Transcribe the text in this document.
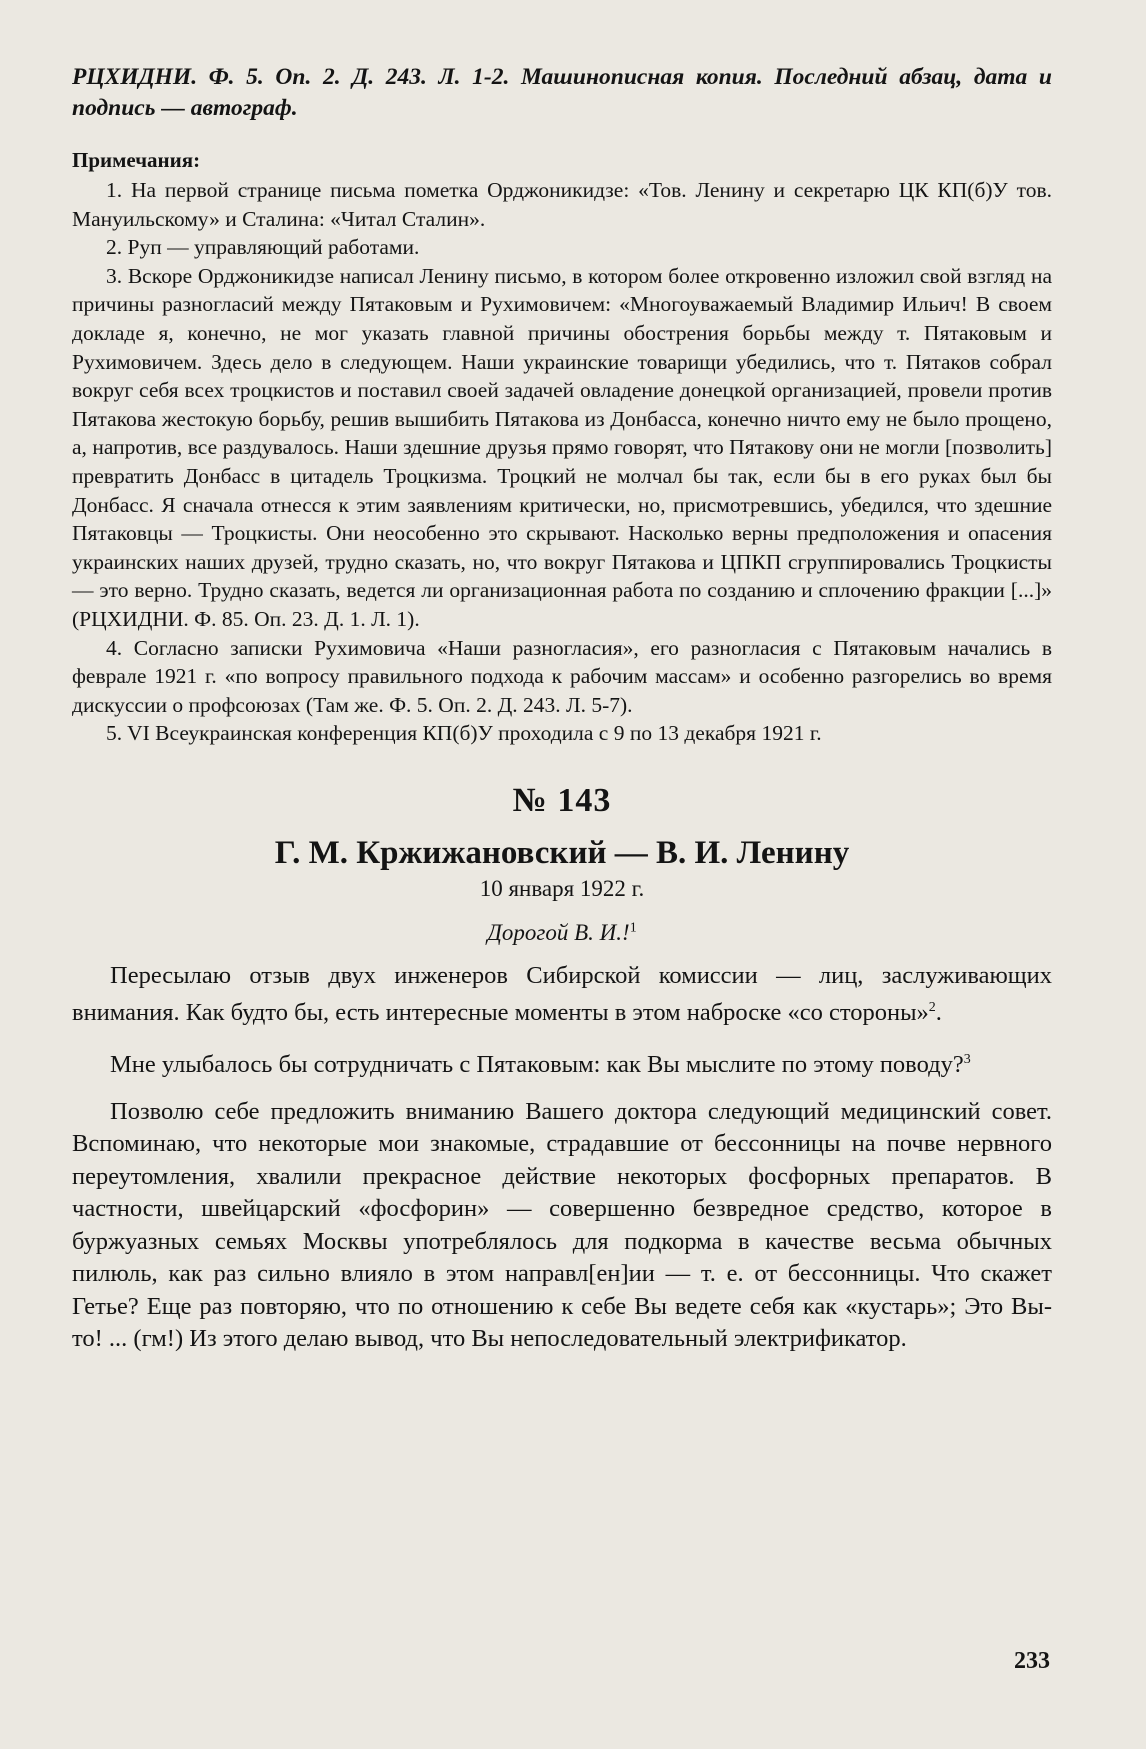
РЦХИДНИ. Ф. 5. Оп. 2. Д. 243. Л. 1-2. Машинописная копия. Последний абзац, дата и подпись — автограф.

Примечания:

1. На первой странице письма пометка Орджоникидзе: «Тов. Ленину и секретарю ЦК КП(б)У тов. Мануильскому» и Сталина: «Читал Сталин».

2. Руп — управляющий работами.

3. Вскоре Орджоникидзе написал Ленину письмо, в котором более откровенно изложил свой взгляд на причины разногласий между Пятаковым и Рухимовичем: «Многоуважаемый Владимир Ильич! В своем докладе я, конечно, не мог указать главной причины обострения борьбы между т. Пятаковым и Рухимовичем. Здесь дело в следующем. Наши украинские товарищи убедились, что т. Пятаков собрал вокруг себя всех троцкистов и поставил своей задачей овладение донецкой организацией, провели против Пятакова жестокую борьбу, решив вышибить Пятакова из Донбасса, конечно ничто ему не было прощено, а, напротив, все раздувалось. Наши здешние друзья прямо говорят, что Пятакову они не могли [позволить] превратить Донбасс в цитадель Троцкизма. Троцкий не молчал бы так, если бы в его руках был бы Донбасс. Я сначала отнесся к этим заявлениям критически, но, присмотревшись, убедился, что здешние Пятаковцы — Троцкисты. Они неособенно это скрывают. Насколько верны предположения и опасения украинских наших друзей, трудно сказать, но, что вокруг Пятакова и ЦПКП сгруппировались Троцкисты — это верно. Трудно сказать, ведется ли организационная работа по созданию и сплочению фракции [...]» (РЦХИДНИ. Ф. 85. Оп. 23. Д. 1. Л. 1).

4. Согласно записки Рухимовича «Наши разногласия», его разногласия с Пятаковым начались в феврале 1921 г. «по вопросу правильного подхода к рабочим массам» и особенно разгорелись во время дискуссии о профсоюзах (Там же. Ф. 5. Оп. 2. Д. 243. Л. 5-7).

5. VI Всеукраинская конференция КП(б)У проходила с 9 по 13 декабря 1921 г.

№ 143

Г. М. Кржижановский — В. И. Ленину

10 января 1922 г.

Дорогой В. И.!$^1$

Пересылаю отзыв двух инженеров Сибирской комиссии — лиц, заслуживающих внимания. Как будто бы, есть интересные моменты в этом наброске «со стороны»$^2$.

Мне улыбалось бы сотрудничать с Пятаковым: как Вы мыслите по этому поводу?$^3$

Позволю себе предложить вниманию Вашего доктора следующий медицинский совет. Вспоминаю, что некоторые мои знакомые, страдавшие от бессонницы на почве нервного переутомления, хвалили прекрасное действие некоторых фосфорных препаратов. В частности, швейцарский «фосфорин» — совершенно безвредное средство, которое в буржуазных семьях Москвы употреблялось для подкорма в качестве весьма обычных пилюль, как раз сильно влияло в этом направл[ен]ии — т. е. от бессонницы. Что скажет Гетье? Еще раз повторяю, что по отношению к себе Вы ведете себя как «кустарь»; Это Вы-то! ... (гм!) Из этого делаю вывод, что Вы непоследовательный электрификатор.

233
